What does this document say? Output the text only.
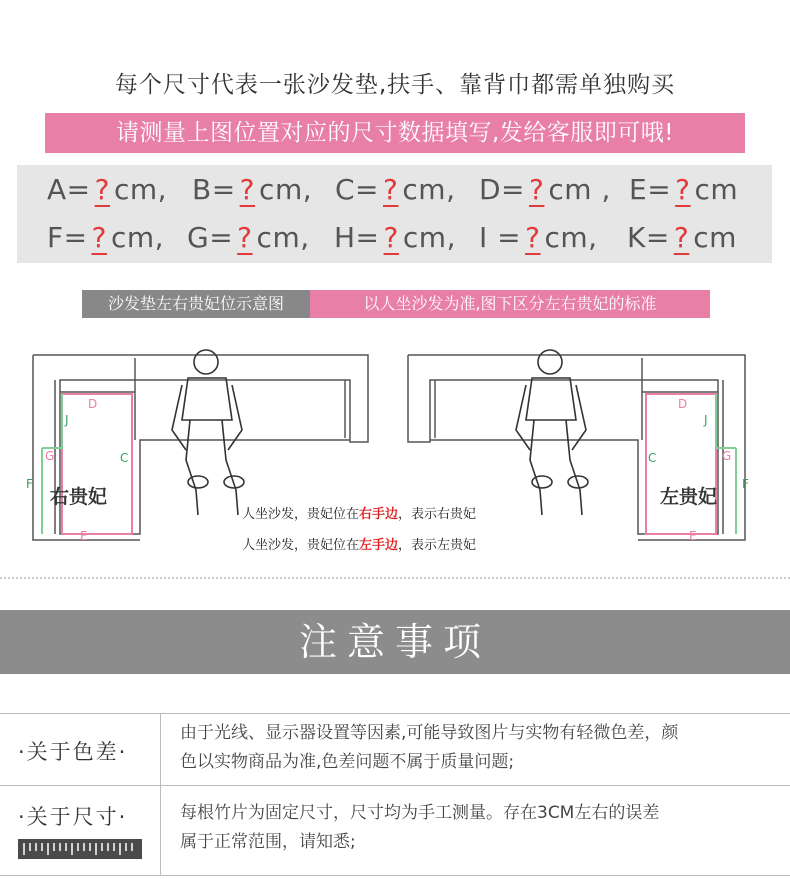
每个尺寸代表一张沙发垫,扶手、靠背巾都需单独购买
请测量上图位置对应的尺寸数据填写,发给客服即可哦!
A= ? cm, B= ? cm, C= ? cm, D= ? cm , E= ? cm
F= ? cm, G= ? cm, H= ? cm, I = ? cm, K= ? cm
沙发垫左右贵妃位示意图	以人坐沙发为准,图下区分左右贵妃的标准
D
J
G	C
F
E
右贵妃
D
J
G
C
F
E
左贵妃
人坐沙发，贵妃位在右手边，表示右贵妃
人坐沙发，贵妃位在左手边，表示左贵妃
注意事项
·关于色差·
由于光线、显示器设置等因素,可能导致图片与实物有轻微色差，颜
色以实物商品为准,色差问题不属于质量问题;
·关于尺寸·	每根竹片为固定尺寸，尺寸均为手工测量。存在3CM左右的误差
属于正常范围，请知悉;
